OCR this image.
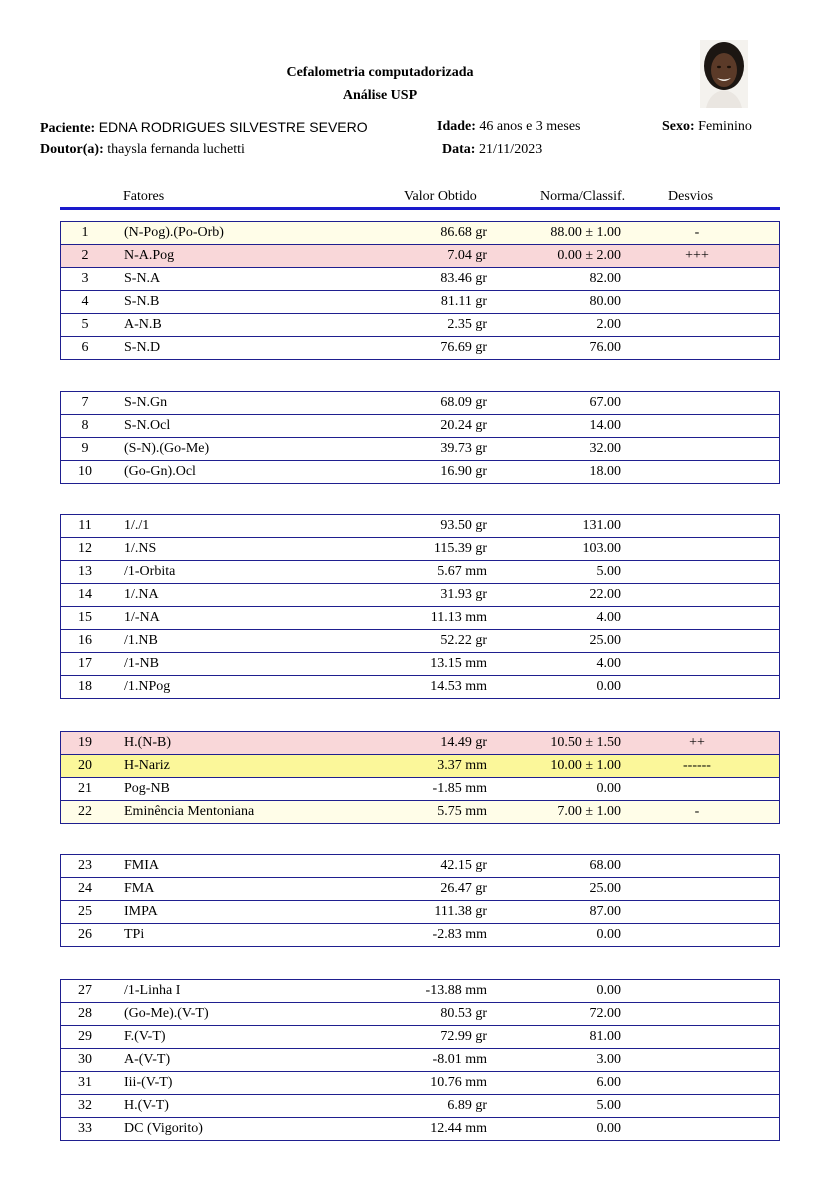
Cefalometria computadorizada
Análise USP
Paciente: EDNA RODRIGUES SILVESTRE SEVERO	Idade: 46 anos e 3 meses	Sexo: Feminino
Doutor(a): thaysla fernanda luchetti	Data: 21/11/2023
Fatores	Valor Obtido	Norma/Classif.	Desvios
1	(N-Pog).(Po-Orb)	86.68 gr	88.00 ± 1.00	-
2	N-A.Pog	7.04 gr	0.00 ± 2.00	+++
3	S-N.A	83.46 gr	82.00
4	S-N.B	81.11 gr	80.00
5	A-N.B	2.35 gr	2.00
6	S-N.D	76.69 gr	76.00
7	S-N.Gn	68.09 gr	67.00
8	S-N.Ocl	20.24 gr	14.00
9	(S-N).(Go-Me)	39.73 gr	32.00
10	(Go-Gn).Ocl	16.90 gr	18.00
11	1/./1	93.50 gr	131.00
12	1/.NS	115.39 gr	103.00
13	/1-Orbita	5.67 mm	5.00
14	1/.NA	31.93 gr	22.00
15	1/-NA	11.13 mm	4.00
16	/1.NB	52.22 gr	25.00
17	/1-NB	13.15 mm	4.00
18	/1.NPog	14.53 mm	0.00
19	H.(N-B)	14.49 gr	10.50 ± 1.50	++
20	H-Nariz	3.37 mm	10.00 ± 1.00	------
21	Pog-NB	-1.85 mm	0.00
22	Eminência Mentoniana	5.75 mm	7.00 ± 1.00	-
23	FMIA	42.15 gr	68.00
24	FMA	26.47 gr	25.00
25	IMPA	111.38 gr	87.00
26	TPi	-2.83 mm	0.00
27	/1-Linha I	-13.88 mm	0.00
28	(Go-Me).(V-T)	80.53 gr	72.00
29	F.(V-T)	72.99 gr	81.00
30	A-(V-T)	-8.01 mm	3.00
31	Iii-(V-T)	10.76 mm	6.00
32	H.(V-T)	6.89 gr	5.00
33	DC (Vigorito)	12.44 mm	0.00
